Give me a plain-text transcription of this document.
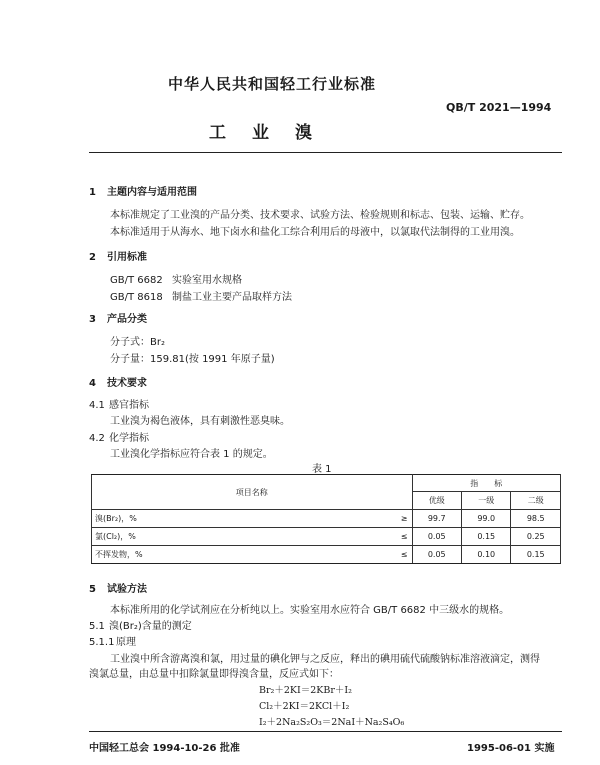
中华人民共和国轻工行业标准
QB/T 2021—1994
工业溴
1 主题内容与适用范围
本标准规定了工业溴的产品分类、技术要求、试验方法、检验规则和标志、包装、运输、贮存。
本标准适用于从海水、地下卤水和盐化工综合利用后的母液中，以氯取代法制得的工业用溴。
2 引用标准
GB/T 6682 实验室用水规格
GB/T 8618 制盐工业主要产品取样方法
3 产品分类
分子式：Br₂
分子量：159.81(按 1991 年原子量)
4 技术要求
4.1 感官指标
工业溴为褐色液体，具有刺激性恶臭味。
4.2 化学指标
工业溴化学指标应符合表 1 的规定。
表 1
项目名称		指　　标		
		优级	一级	二级
溴(Br₂)，%	≥	99.7	99.0	98.5
氯(Cl₂)，%	≤	0.05	0.15	0.25
不挥发物，%	≤	0.05	0.10	0.15
5 试验方法
本标准所用的化学试剂应在分析纯以上。实验室用水应符合 GB/T 6682 中三级水的规格。
5.1 溴(Br₂)含量的测定
5.1.1 原理
工业溴中所含游离溴和氯，用过量的碘化钾与之反应，释出的碘用硫代硫酸钠标准溶液滴定，测得
溴氯总量，由总量中扣除氯量即得溴含量，反应式如下：
Br₂＋2KI＝2KBr＋I₂
Cl₂＋2KI＝2KCl＋I₂
I₂＋2Na₂S₂O₃＝2NaI＋Na₂S₄O₆
中国轻工总会 1994-10-26 批准	1995-06-01 实施
